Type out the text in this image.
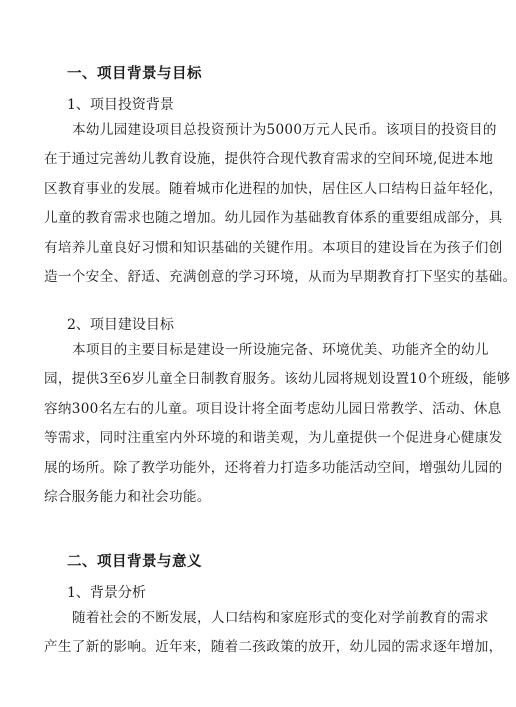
一、项目背景与目标
1、项目投资背景
本幼儿园建设项目总投资预计为5000万元人民币。该项目的投资目的
在于通过完善幼儿教育设施，提供符合现代教育需求的空间环境,促进本地
区教育事业的发展。随着城市化进程的加快，居住区人口结构日益年轻化，
儿童的教育需求也随之增加。幼儿园作为基础教育体系的重要组成部分，具
有培养儿童良好习惯和知识基础的关键作用。本项目的建设旨在为孩子们创
造一个安全、舒适、充满创意的学习环境，从而为早期教育打下坚实的基础。
2、项目建设目标
本项目的主要目标是建设一所设施完备、环境优美、功能齐全的幼儿
园，提供3至6岁儿童全日制教育服务。该幼儿园将规划设置10个班级，能够
容纳300名左右的儿童。项目设计将全面考虑幼儿园日常教学、活动、休息
等需求，同时注重室内外环境的和谐美观，为儿童提供一个促进身心健康发
展的场所。除了教学功能外，还将着力打造多功能活动空间，增强幼儿园的
综合服务能力和社会功能。
二、项目背景与意义
1、背景分析
随着社会的不断发展，人口结构和家庭形式的变化对学前教育的需求
产生了新的影响。近年来，随着二孩政策的放开，幼儿园的需求逐年增加，
